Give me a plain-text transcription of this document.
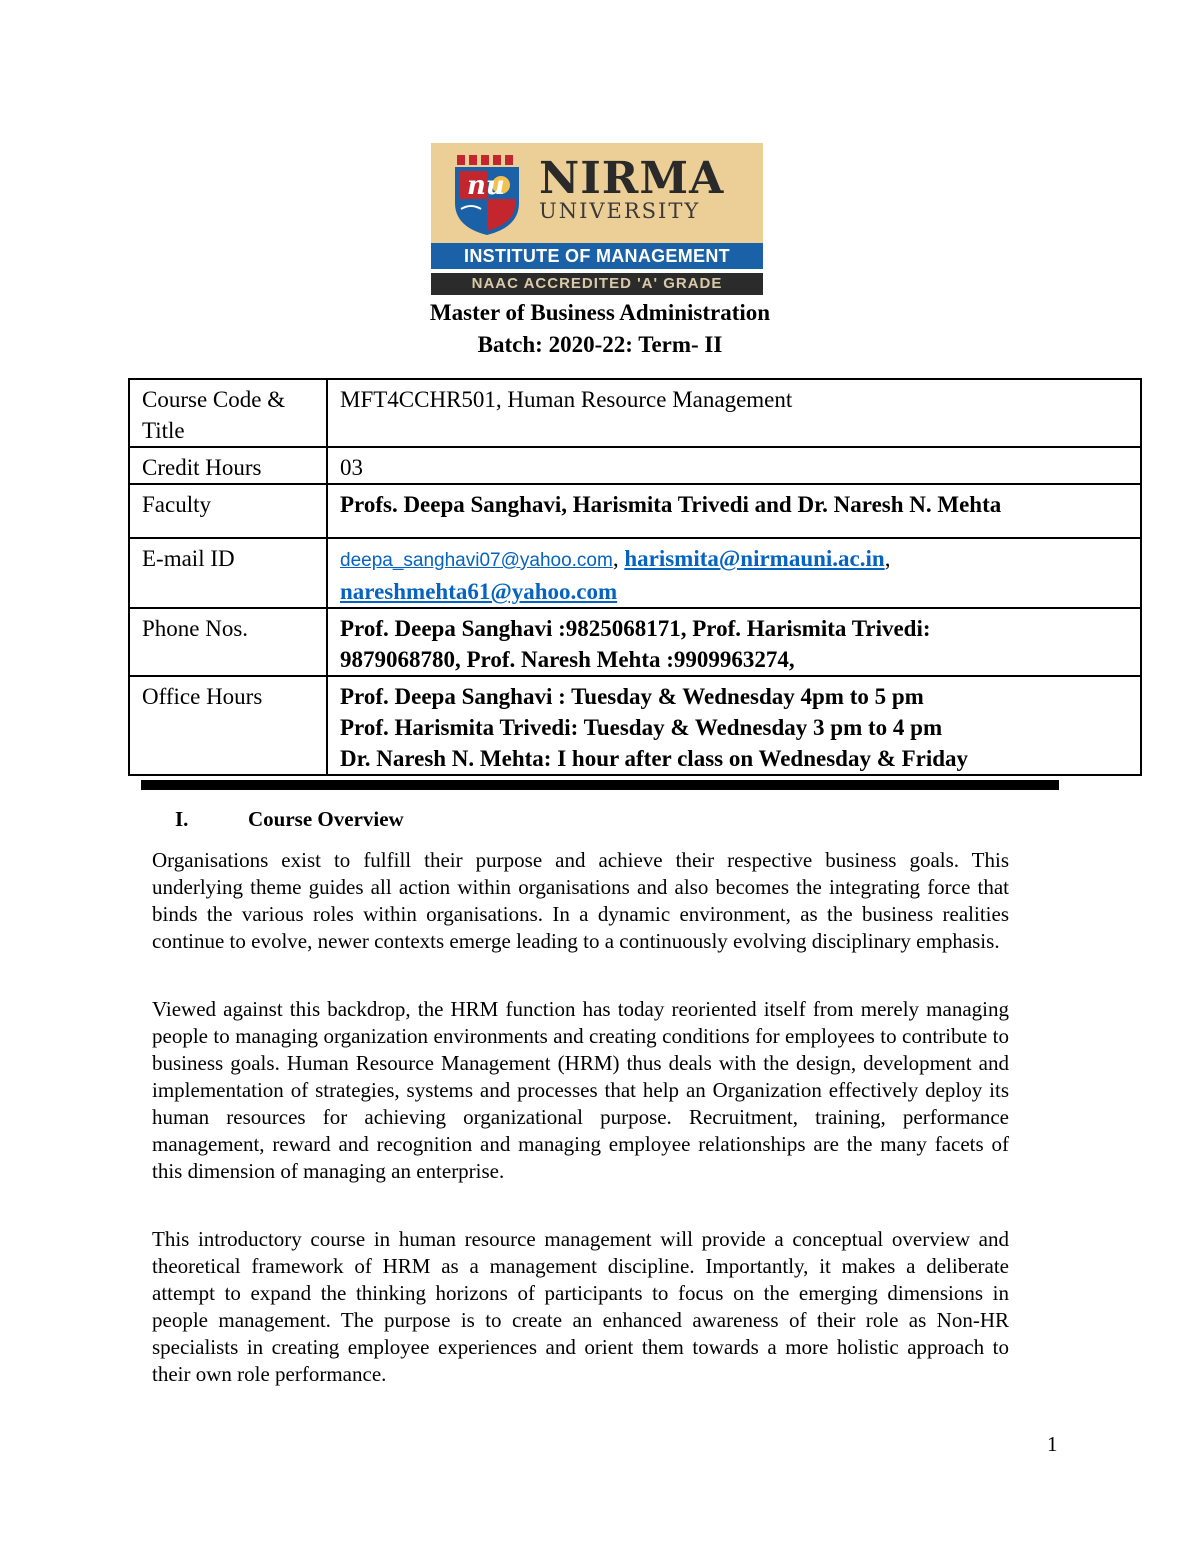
nu NIRMA
UNIVERSITY
INSTITUTE OF MANAGEMENT
NAAC ACCREDITED 'A' GRADE
Master of Business Administration
Batch: 2020-22: Term- II
Course Code & Title	MFT4CCHR501, Human Resource Management
Credit Hours	03
Faculty	Profs. Deepa Sanghavi, Harismita Trivedi and Dr. Naresh N. Mehta
E-mail ID	deepa_sanghavi07@yahoo.com, harismita@nirmauni.ac.in,
nareshmehta61@yahoo.com
Phone Nos.	Prof. Deepa Sanghavi :9825068171, Prof. Harismita Trivedi:
9879068780, Prof. Naresh Mehta :9909963274,

Office Hours	Prof. Deepa Sanghavi : Tuesday & Wednesday 4pm to 5 pm
Prof. Harismita Trivedi: Tuesday & Wednesday 3 pm to 4 pm
Dr. Naresh N. Mehta: I hour after class on Wednesday & Friday
I.	Course Overview

Organisations exist to fulfill their purpose and achieve their respective business goals. This underlying theme guides all action within organisations and also becomes the integrating force that binds the various roles within organisations. In a dynamic environment, as the business realities continue to evolve, newer contexts emerge leading to a continuously evolving disciplinary emphasis.

Viewed against this backdrop, the HRM function has today reoriented itself from merely managing people to managing organization environments and creating conditions for employees to contribute to business goals. Human Resource Management (HRM) thus deals with the design, development and implementation of strategies, systems and processes that help an Organization effectively deploy its human resources for achieving organizational purpose. Recruitment, training, performance management, reward and recognition and managing employee relationships are the many facets of this dimension of managing an enterprise.

This introductory course in human resource management will provide a conceptual overview and theoretical framework of HRM as a management discipline. Importantly, it makes a deliberate attempt to expand the thinking horizons of participants to focus on the emerging dimensions in people management. The purpose is to create an enhanced awareness of their role as Non-HR specialists in creating employee experiences and orient them towards a more holistic approach to their own role performance.

1
